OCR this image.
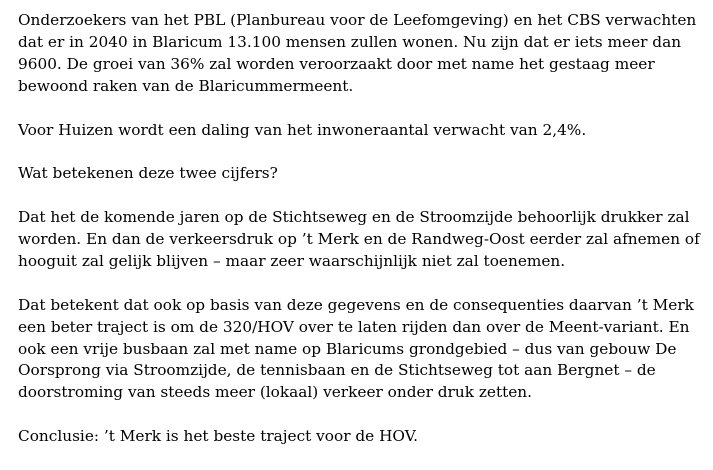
Onderzoekers van het PBL (Planbureau voor de Leefomgeving) en het CBS verwachten
dat er in 2040 in Blaricum 13.100 mensen zullen wonen. Nu zijn dat er iets meer dan
9600. De groei van 36% zal worden veroorzaakt door met name het gestaag meer
bewoond raken van de Blaricummermeent.

Voor Huizen wordt een daling van het inwoneraantal verwacht van 2,4%.

Wat betekenen deze twee cijfers?

Dat het de komende jaren op de Stichtseweg en de Stroomzijde behoorlijk drukker zal
worden. En dan de verkeersdruk op ’t Merk en de Randweg-Oost eerder zal afnemen of
hooguit zal gelijk blijven – maar zeer waarschijnlijk niet zal toenemen.

Dat betekent dat ook op basis van deze gegevens en de consequenties daarvan ’t Merk
een beter traject is om de 320/HOV over te laten rijden dan over de Meent-variant. En
ook een vrije busbaan zal met name op Blaricums grondgebied – dus van gebouw De
Oorsprong via Stroomzijde, de tennisbaan en de Stichtseweg tot aan Bergnet – de
doorstroming van steeds meer (lokaal) verkeer onder druk zetten.

Conclusie: ’t Merk is het beste traject voor de HOV.
